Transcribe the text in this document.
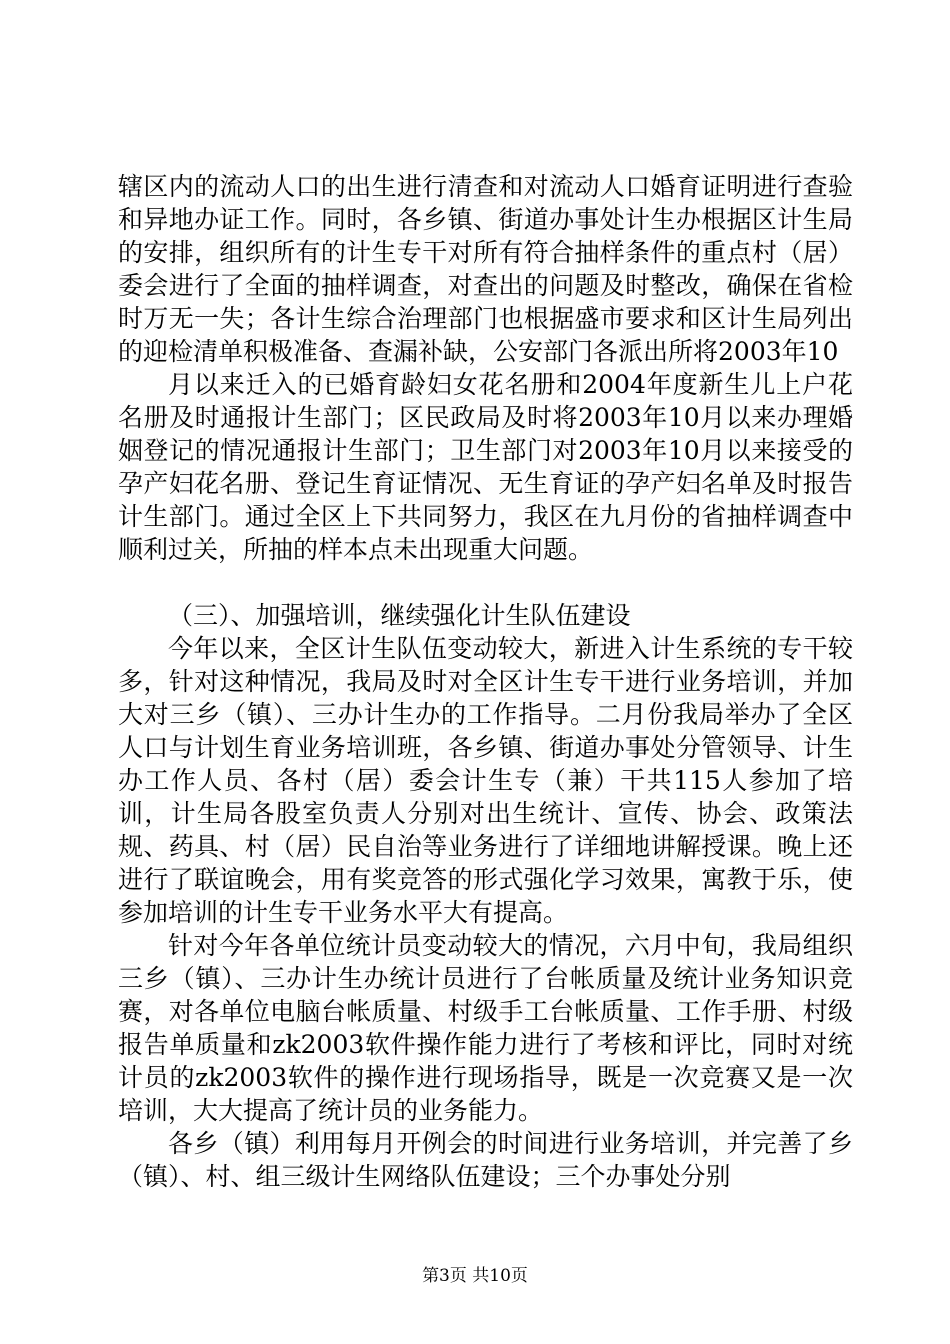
辖区内的流动人口的出生进行清查和对流动人口婚育证明进行查验和异地办证工作。同时，各乡镇、街道办事处计生办根据区计生局的安排，组织所有的计生专干对所有符合抽样条件的重点村（居）委会进行了全面的抽样调查，对查出的问题及时整改，确保在省检时万无一失；各计生综合治理部门也根据盛市要求和区计生局列出的迎检清单积极准备、查漏补缺，公安部门各派出所将2003年10

月以来迁入的已婚育龄妇女花名册和2004年度新生儿上户花名册及时通报计生部门；区民政局及时将2003年10月以来办理婚姻登记的情况通报计生部门；卫生部门对2003年10月以来接受的孕产妇花名册、登记生育证情况、无生育证的孕产妇名单及时报告计生部门。通过全区上下共同努力，我区在九月份的省抽样调查中顺利过关，所抽的样本点未出现重大问题。

（三）、加强培训，继续强化计生队伍建设

今年以来，全区计生队伍变动较大，新进入计生系统的专干较多，针对这种情况，我局及时对全区计生专干进行业务培训，并加大对三乡（镇）、三办计生办的工作指导。二月份我局举办了全区人口与计划生育业务培训班，各乡镇、街道办事处分管领导、计生办工作人员、各村（居）委会计生专（兼）干共115人参加了培训，计生局各股室负责人分别对出生统计、宣传、协会、政策法规、药具、村（居）民自治等业务进行了详细地讲解授课。晚上还进行了联谊晚会，用有奖竞答的形式强化学习效果，寓教于乐，使参加培训的计生专干业务水平大有提高。

针对今年各单位统计员变动较大的情况，六月中旬，我局组织三乡（镇）、三办计生办统计员进行了台帐质量及统计业务知识竞赛，对各单位电脑台帐质量、村级手工台帐质量、工作手册、村级报告单质量和zk2003软件操作能力进行了考核和评比，同时对统计员的zk2003软件的操作进行现场指导，既是一次竞赛又是一次培训，大大提高了统计员的业务能力。

各乡（镇）利用每月开例会的时间进行业务培训，并完善了乡（镇）、村、组三级计生网络队伍建设；三个办事处分别

第3页 共10页
